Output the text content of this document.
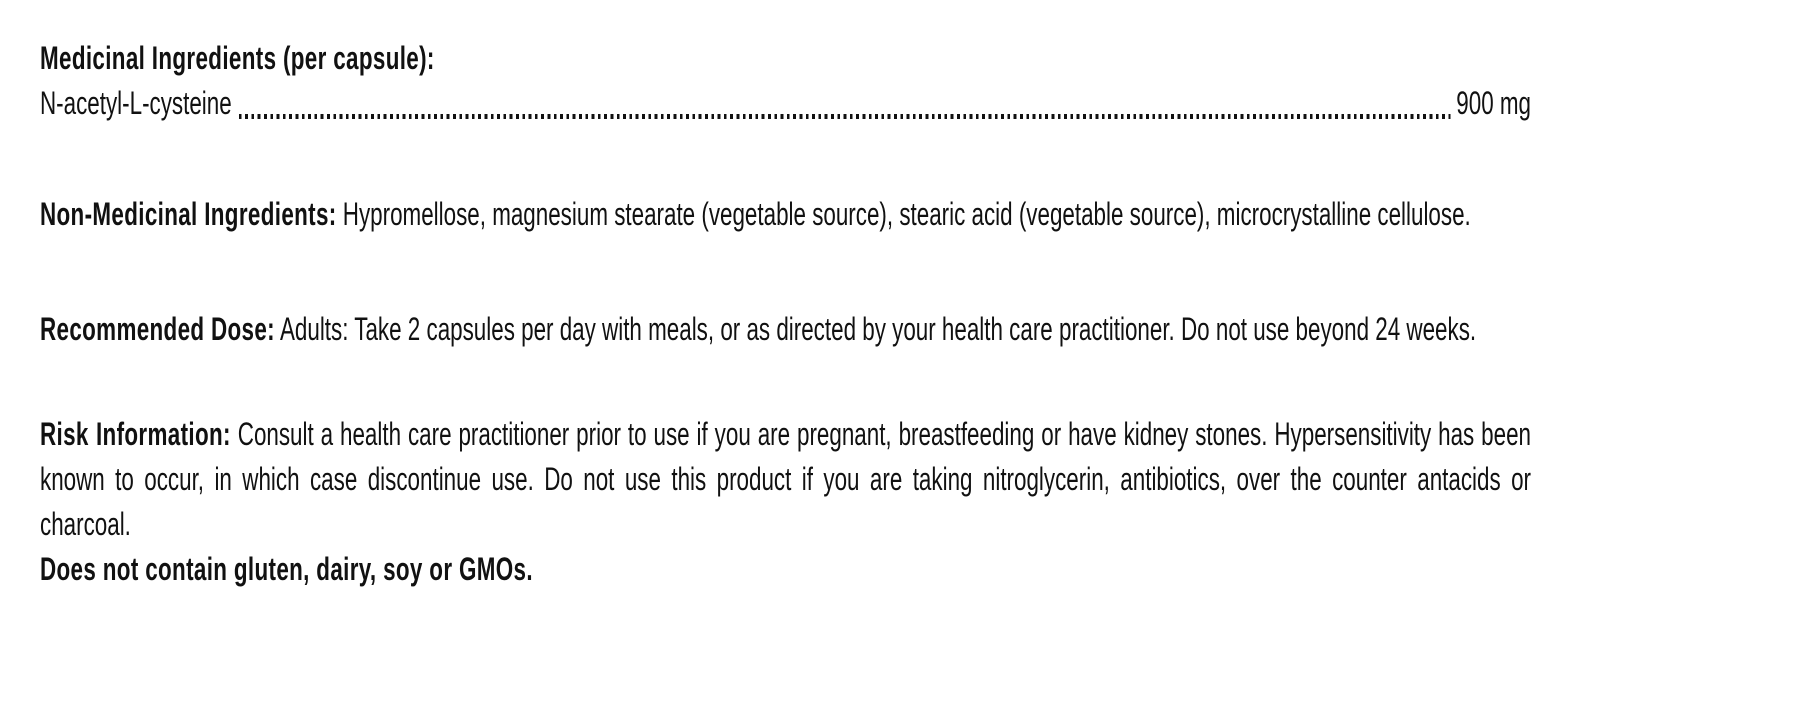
Medicinal Ingredients (per capsule):

N-acetyl-L-cysteine	900 mg

Non-Medicinal Ingredients: Hypromellose, magnesium stearate (vegetable source), stearic acid (vegetable source), microcrystalline cellulose.

Recommended Dose: Adults: Take 2 capsules per day with meals, or as directed by your health care practitioner. Do not use beyond 24 weeks.

Risk Information: Consult a health care practitioner prior to use if you are pregnant, breastfeeding or have kidney stones. Hypersensitivity has been known to occur, in which case discontinue use. Do not use this product if you are taking nitroglycerin, antibiotics, over the counter antacids or charcoal.

Does not contain gluten, dairy, soy or GMOs.
